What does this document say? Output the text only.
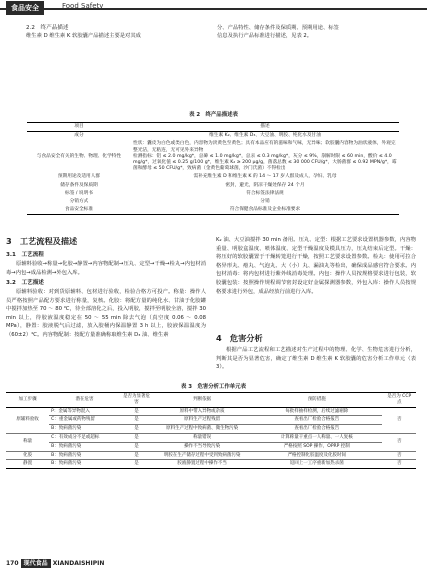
食品安全	Food Safety
2.2　终产品描述
维生素 D 维生素 K 软胶囊产品描述主要是对其成
分、产品特性、储存条件及保质期、预期用途、标签
信息及执行产品标准进行描述，见表 2。
表 2　终产品描述表
项目	描述
成分	维生素 K₂、维生素 D₃、大豆油、明胶、纯化水及甘油
与食品安全有关的生物、物理、化学特性	性状：囊皮为白色或类白色，内容物为淡黄色至黄色；具有本品应有的滋味和气味，无异味；软胶囊内容物为油状液体，外观完整光洁，无粘连，无可见外来异物
检测指标：铝 ≤ 2.0 mg/kg*，总砷 ≤ 1.0 mg/kg*，总汞 ≤ 0.3 mg/kg*，灰分 ≤ 9%，崩解时限 ≤ 60 min，酸价 ≤ 4.0 mg/g*，过氧化值 ≤ 0.25 g/100 g*，维生素 K₂ ≥ 200 μg/g，菌落总数 ≤ 30 000 CFU/g*，大肠菌群 ≤ 0.92 MPN/g*，霉菌和酵母 ≤ 50 CFU/g*，致病菌（金黄色葡萄球菌，沙门氏菌）不得检出
预期用途及适用人群	需补充维生素 D 和维生素 K 的 14 ～ 17 岁人群及成人，孕妇、乳母
储存条件及保质期	密封，避光，阴凉干燥处保存 24 个月
标签 / 说明书	符合标签法律法规
分销方式	分销
食品安全标准	符合保健食品标准及企业标准要求
3　工艺流程及描述
3.1　工艺流程
原辅料验收→称量→化胶→静置→内容物配制→压丸、定型→干燥→检丸→内包材消毒→内包→成品检测→外包入库。
3.2　工艺描述
原辅料验收：对到货原辅料、包材进行验收，检验合格方可投产。称量：操作人员严格按照产品配方要求进行称量，复核。化胶：将配方量的纯化水、甘油于化胶罐中搅拌加热至 70 ～ 80 ℃，待全部溶化之后，投入明胶，搅拌至明胶全溶，搅拌 30 min 以上，待胶液温度稳定在 50 ～ 55 min 除去气泡（真空度 0.06 ～ 0.08 MPa），静置：胶液脱气后过滤，放入胶桶内保温静置 3 h 以上，胶液保温温度为（60±2）℃。内容物配制：按配方量准确称取维生素 D₃ 油、维生素
K₂ 油、大豆油搅拌 30 min 备用。压丸、定型：根据工艺要求设置机器参数，内容物重量、明胶盒温度、喷体温度、定型干燥温度及模具压力，压丸结束后定型。干燥：将压好的软胶囊置于干燥转笼进行干燥，按照工艺要求设置参数。检丸：使用可拉合格异形丸、瘪丸、气泡丸、大（小）丸、漏油丸等检出，确保成品感官符合要求。内包材消毒：将内包材进行紫外线消毒处理。内包：操作人员按规格要求进行包装，软胶囊包装：按照操作规程调节密封设定好金属探测器参数，外包入库：操作人员按规格要求进行外包，成品经放行前进行入库。
4　危害分析
根据产品工艺流程和工艺描述对生产过程中的物理、化学、生物危害进行分析，判断其是否为显著危害，确定了维生素 D 维生素 K 软胶囊的危害分析工作单元（表 3）。
表 3　危害分析工作单元表
加工步骤	潜在危害	是否为显著危害	判断依据	预防措施	是否为 CCP 点
原辅料验收	P：金属等异物混入	是	原料中带入异物或杂质	每批样抽样检测，后续过滤剔除	否
	C：重金属或药物残留	是	原料生产过程残留	查看出厂检验合格报告	
	B：致病菌污染	是	原料生产过程中致病菌、微生物污染	查看出厂检验合格报告	
称量	C：有效成分不足或超标	是	称量错误	计算称量干重点一人称量、一人复核	否
	B：致病菌污染	是	操作不当导致污染	严格按照 SOP 操作，OPRP 控制	
化胶	B：致病菌污染	是	明胶在生产储存过程中受到致病菌污染	严格控制化胶温度及化胶时间	否
静置	B：致病菌污染	是	胶液静置过程中操作不当	返回上一工序重新加热杀菌	否
170 现代食品 XIANDAISHIPIN
